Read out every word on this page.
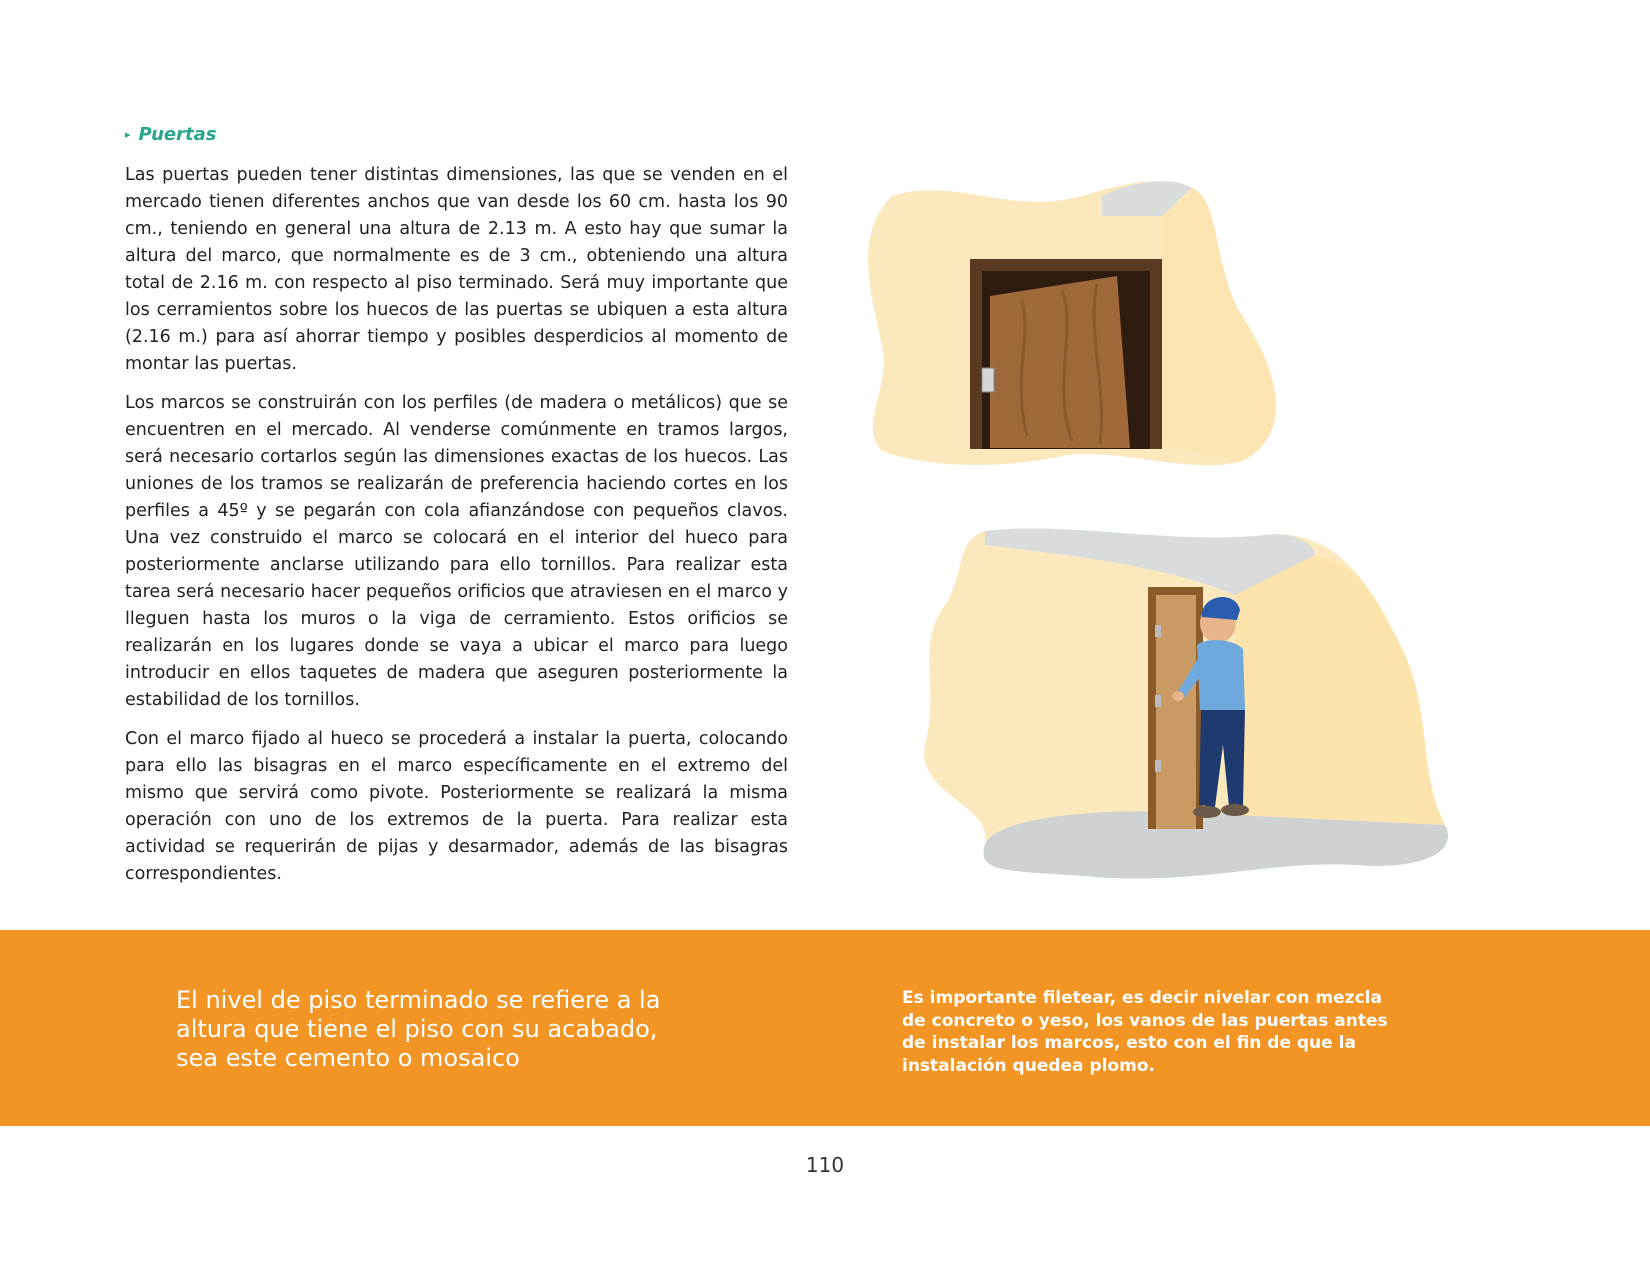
▸ Puertas

Las puertas pueden tener distintas dimensiones, las que se venden en el mercado tienen diferentes anchos que van desde los 60 cm. hasta los 90 cm., teniendo en general una altura de 2.13 m. A esto hay que sumar la altura del marco, que normalmente es de 3 cm., obteniendo una altura total de 2.16 m. con respecto al piso terminado. Será muy importante que los cerramientos sobre los huecos de las puertas se ubiquen a esta altura (2.16 m.) para así ahorrar tiempo y posibles desperdicios al momento de montar las puertas.

Los marcos se construirán con los perfiles (de madera o metálicos) que se encuentren en el mercado. Al venderse comúnmente en tramos largos, será necesario cortarlos según las dimensiones exactas de los huecos. Las uniones de los tramos se realizarán de preferencia haciendo cortes en los perfiles a 45º y se pegarán con cola afianzándose con pequeños clavos. Una vez construido el marco se colocará en el interior del hueco para posteriormente anclarse utilizando para ello tornillos. Para realizar esta tarea será necesario hacer pequeños orificios que atraviesen en el marco y lleguen hasta los muros o la viga de cerramiento. Estos orificios se realizarán en los lugares donde se vaya a ubicar el marco para luego introducir en ellos taquetes de madera que aseguren posteriormente la estabilidad de los tornillos.

Con el marco fijado al hueco se procederá a instalar la puerta, colocando para ello las bisagras en el marco específicamente en el extremo del mismo que servirá como pivote. Posteriormente se realizará la misma operación con uno de los extremos de la puerta. Para realizar esta actividad se requerirán de pijas y desarmador, además de las bisagras correspondientes.

El nivel de piso terminado se refiere a la altura que tiene el piso con su acabado, sea este cemento o mosaico
Es importante filetear, es decir nivelar con mezcla de concreto o yeso, los vanos de las puertas antes de instalar los marcos, esto con el fin de que la instalación quedea plomo.
110
